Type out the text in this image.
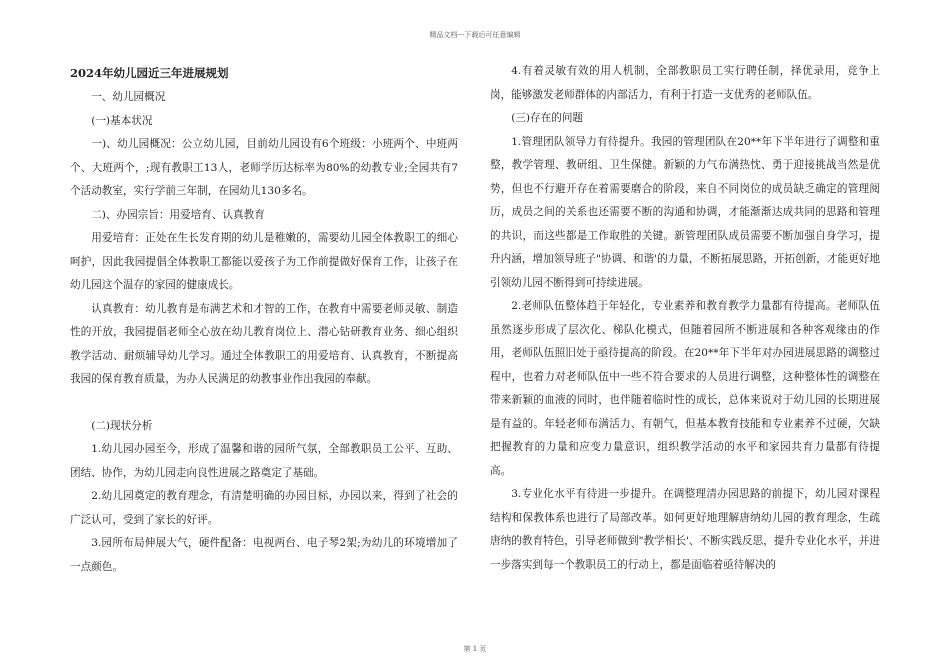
精品文档---下载后可任意编辑
2024年幼儿园近三年进展规划

一、幼儿园概况

(一)基本状况

一)、幼儿园概况：公立幼儿园，目前幼儿园设有6个班级：小班两个、中班两个、大班两个，;现有教职工13人，老师学历达标率为80%的幼教专业;全园共有7个活动教室，实行学前三年制，在园幼儿130多名。

二)、办园宗旨：用爱培育、认真教育

用爱培育：正处在生长发育期的幼儿是稚嫩的，需要幼儿园全体教职工的细心呵护，因此我园提倡全体教职工都能以爱孩子为工作前提做好保育工作，让孩子在幼儿园这个温存的家园的健康成长。

认真教育：幼儿教育是布满艺术和才智的工作，在教育中需要老师灵敏、制造性的开放，我园提倡老师全心放在幼儿教育岗位上、潜心钻研教育业务、细心组织教学活动、耐烦辅导幼儿学习。通过全体教职工的用爱培育、认真教育，不断提高我园的保育教育质量，为办人民满足的幼教事业作出我园的奉献。

(二)现状分析

1.幼儿园办园至今，形成了温馨和谐的园所气氛，全部教职员工公平、互助、团结、协作，为幼儿园走向良性进展之路奠定了基础。

2.幼儿园奠定的教育理念，有清楚明确的办园目标，办园以来，得到了社会的广泛认可，受到了家长的好评。

3.园所布局伸展大气，硬件配备：电视两台、电子琴2架;为幼儿的环境增加了一点颜色。

4.有着灵敏有效的用人机制，全部教职员工实行聘任制，择优录用，竞争上岗，能够激发老师群体的内部活力，有利于打造一支优秀的老师队伍。

(三)存在的问题

1.管理团队领导力有待提升。我园的管理团队在20**年下半年进行了调整和重整，教学管理、教研组、卫生保健。新颖的力气布满热忱、勇于迎接挑战当然是优势，但也不行避开存在着需要磨合的阶段，来自不同岗位的成员缺乏确定的管理阅历，成员之间的关系也还需要不断的沟通和协调，才能渐渐达成共同的思路和管理的共识，而这些都是工作取胜的关键。新管理团队成员需要不断加强自身学习，提升内涵，增加领导班子"协调、和谐'的力量，不断拓展思路，开拓创新，才能更好地引领幼儿园不断得到可持续进展。

2.老师队伍整体趋于年轻化，专业素养和教育教学力量都有待提高。老师队伍虽然逐步形成了层次化、梯队化模式，但随着园所不断进展和各种客观缘由的作用，老师队伍照旧处于亟待提高的阶段。在20**年下半年对办园进展思路的调整过程中，也着力对老师队伍中一些不符合要求的人员进行调整，这种整体性的调整在带来新颖的血液的同时，也伴随着临时性的成长，总体来说对于幼儿园的长期进展是有益的。年轻老师布满活力、有朝气，但基本教育技能和专业素养不过硬，欠缺把握教育的力量和应变力量意识，组织教学活动的水平和家园共育力量都有待提高。

3.专业化水平有待进一步提升。在调整理清办园思路的前提下，幼儿园对课程结构和保教体系也进行了局部改革。如何更好地理解唐纳幼儿园的教育理念，生疏唐纳的教育特色，引导老师做到"教学相长'、不断实践反思，提升专业化水平，并进一步落实到每一个教职员工的行动上，都是面临着亟待解决的

第 1 页
